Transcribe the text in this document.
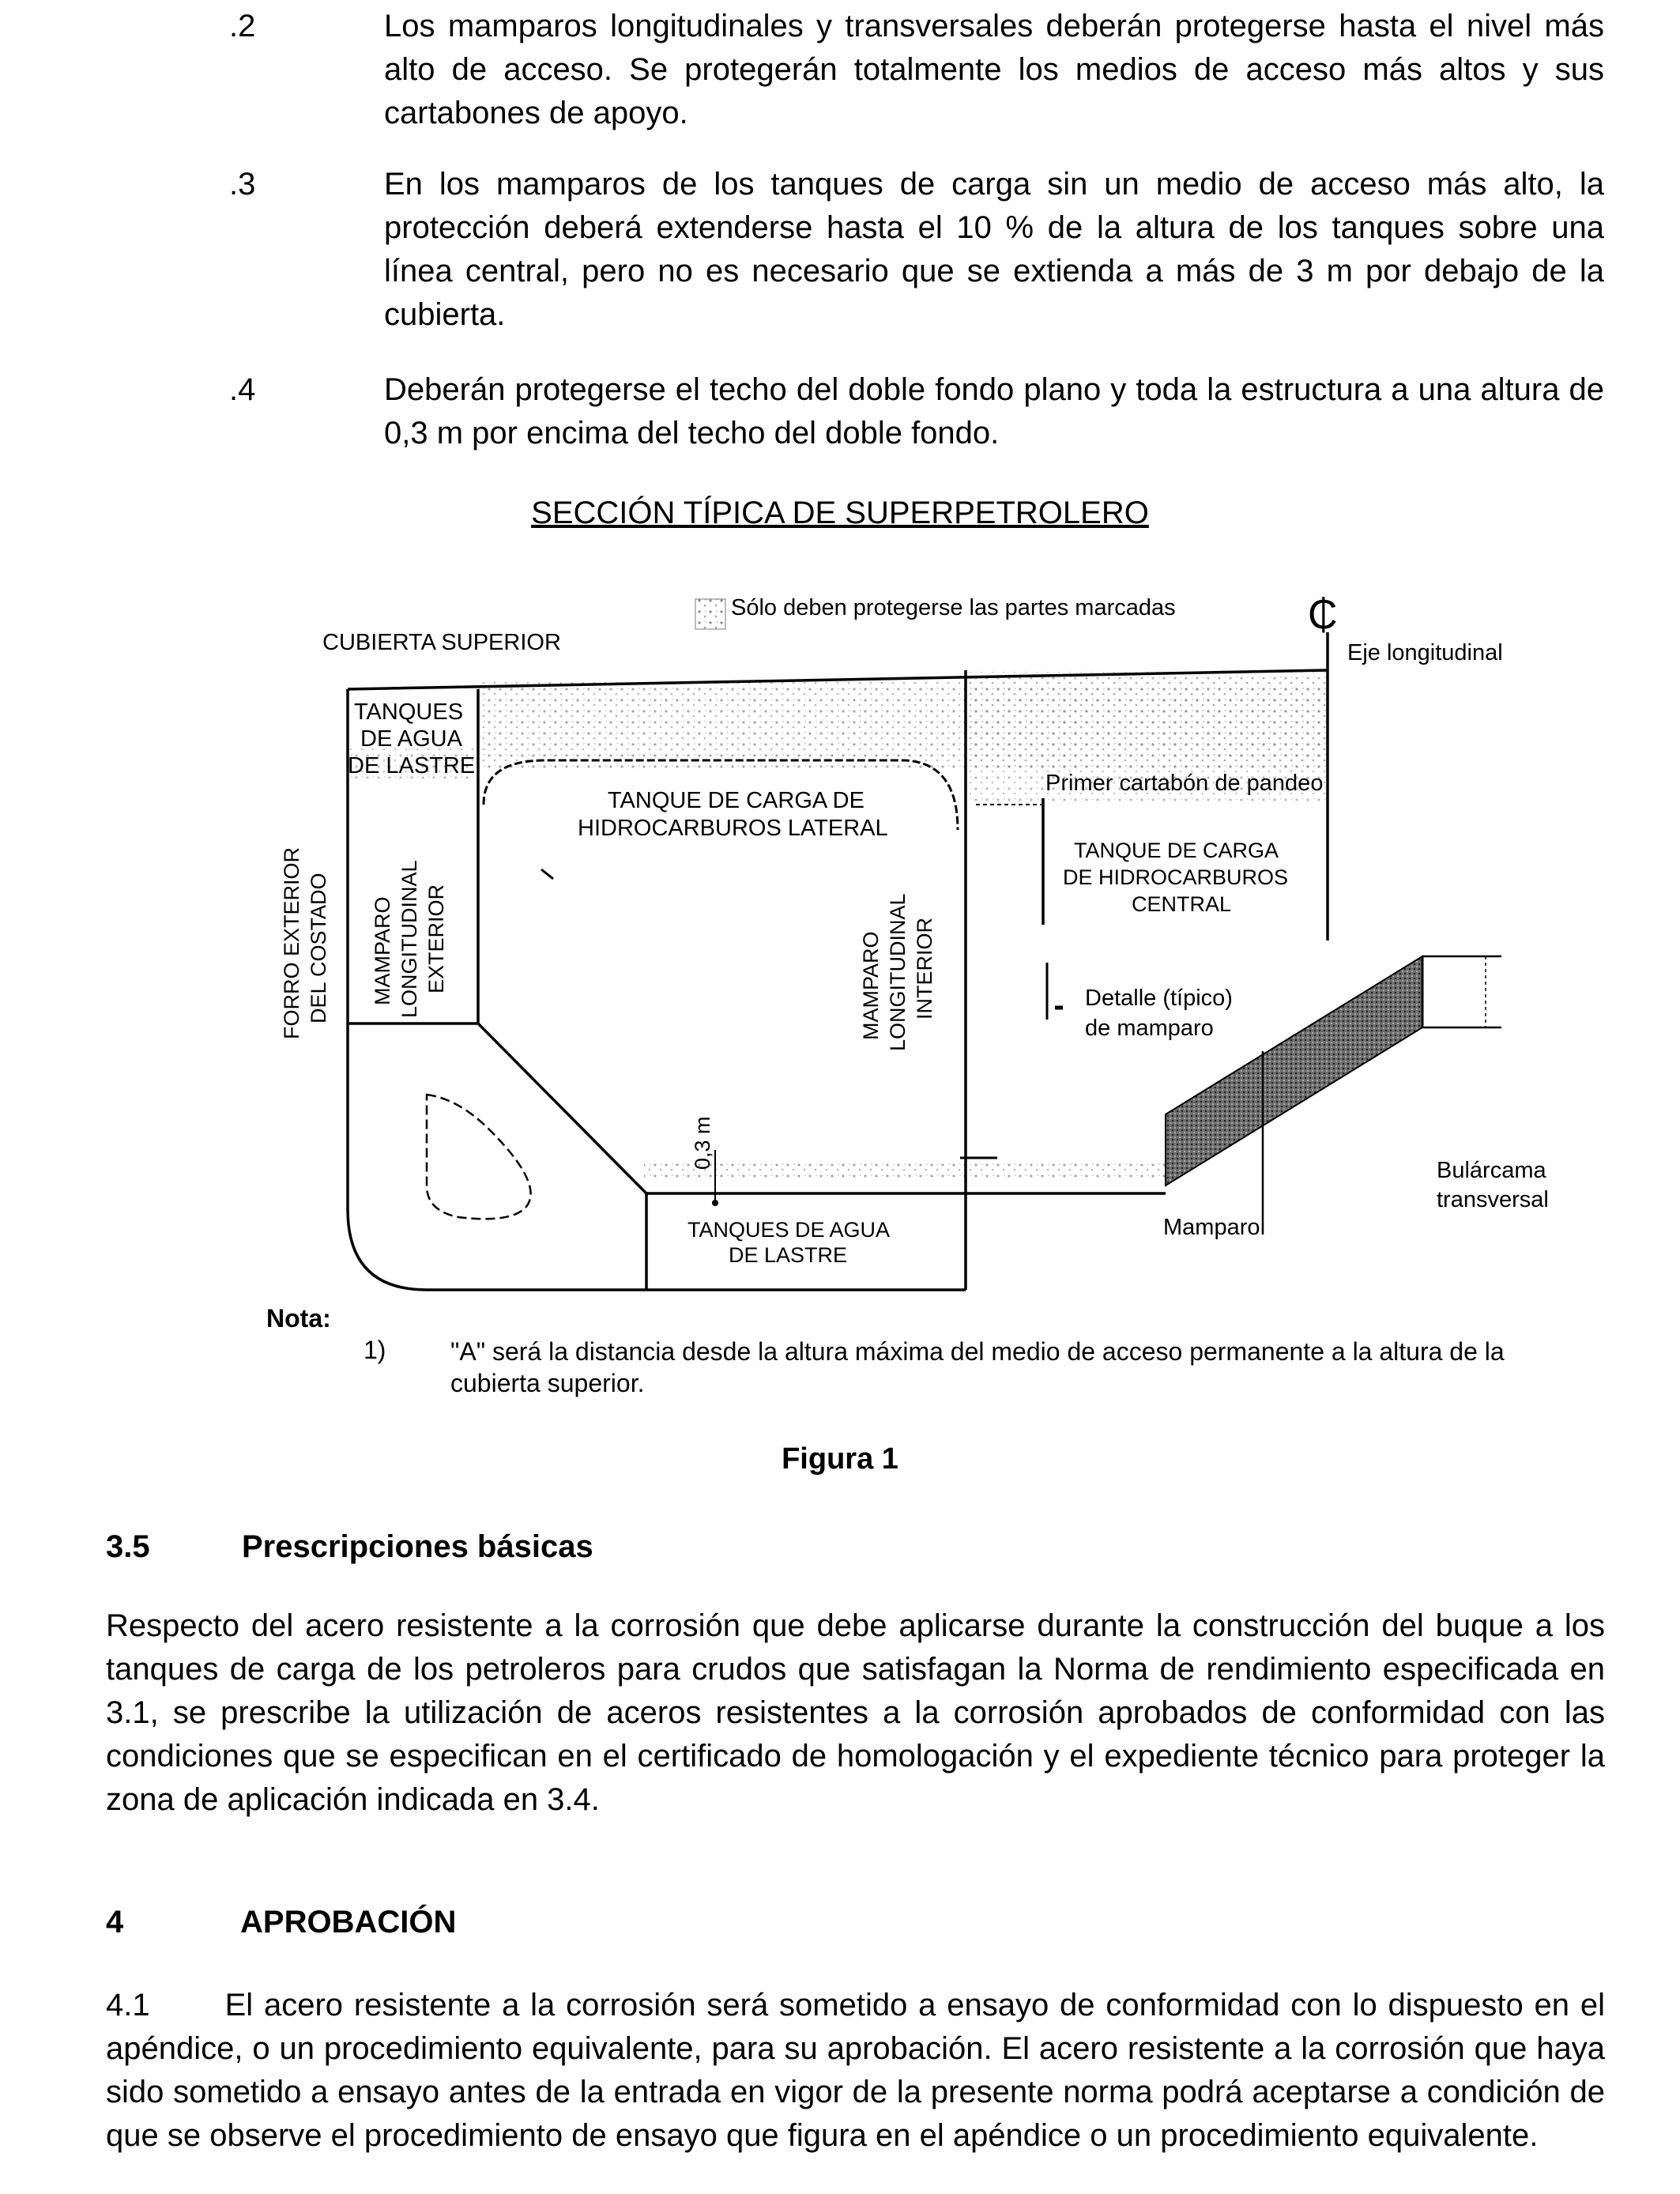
.2	Los mamparos longitudinales y transversales deberán protegerse hasta el nivel más alto de acceso. Se protegerán totalmente los medios de acceso más altos y sus cartabones de apoyo.
.3	En los mamparos de los tanques de carga sin un medio de acceso más alto, la protección deberá extenderse hasta el 10 % de la altura de los tanques sobre una línea central, pero no es necesario que se extienda a más de 3 m por debajo de la cubierta.
.4	Deberán protegerse el techo del doble fondo plano y toda la estructura a una altura de 0,3 m por encima del techo del doble fondo.
SECCIÓN TÍPICA DE SUPERPETROLERO
Sólo deben protegerse las partes marcadas	₵
CUBIERTA SUPERIOR	Eje longitudinal
TANQUES
DE AGUA
DE LASTRE
TANQUE DE CARGA DE
HIDROCARBUROS LATERAL
Primer cartabón de pandeo
TANQUE DE CARGA
DE HIDROCARBUROS
CENTRAL
Detalle (típico)
de mamparo
Bulárcama
transversal
Mamparo
TANQUES DE AGUA
DE LASTRE
FORRO EXTERIOR DEL COSTADO MAMPARO LONGITUDINAL EXTERIOR	MAMPARO LONGITUDINAL INTERIOR
0,3 m
Nota:
1)	"A" será la distancia desde la altura máxima del medio de acceso permanente a la altura de la cubierta superior.
Figura 1
3.5	Prescripciones básicas
Respecto del acero resistente a la corrosión que debe aplicarse durante la construcción del buque a los tanques de carga de los petroleros para crudos que satisfagan la Norma de rendimiento especificada en 3.1, se prescribe la utilización de aceros resistentes a la corrosión aprobados de conformidad con las condiciones que se especifican en el certificado de homologación y el expediente técnico para proteger la zona de aplicación indicada en 3.4.
4	APROBACIÓN
4.1 El acero resistente a la corrosión será sometido a ensayo de conformidad con lo dispuesto en el apéndice, o un procedimiento equivalente, para su aprobación. El acero resistente a la corrosión que haya sido sometido a ensayo antes de la entrada en vigor de la presente norma podrá aceptarse a condición de que se observe el procedimiento de ensayo que figura en el apéndice o un procedimiento equivalente.
